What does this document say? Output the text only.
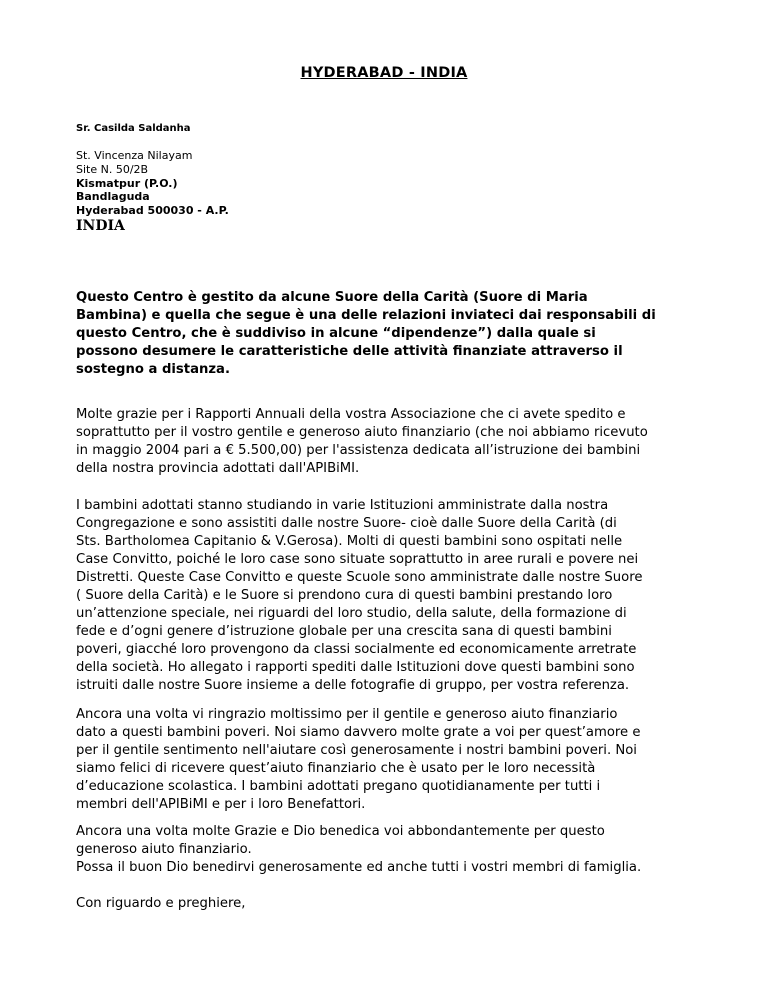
HYDERABAD - INDIA
Sr. Casilda Saldanha
St. Vincenza Nilayam
Site N. 50/2B
Kismatpur (P.O.)
Bandlaguda
Hyderabad 500030 - A.P.
INDIA
Questo Centro è gestito da alcune Suore della Carità (Suore di Maria
Bambina) e quella che segue è una delle relazioni inviateci dai responsabili di
questo Centro, che è suddiviso in alcune “dipendenze”) dalla quale si
possono desumere le caratteristiche delle attività finanziate attraverso il
sostegno a distanza.
Molte grazie per i Rapporti Annuali della vostra Associazione che ci avete spedito e
soprattutto per il vostro gentile e generoso aiuto finanziario (che noi abbiamo ricevuto
in maggio 2004 pari a € 5.500,00) per l'assistenza dedicata all’istruzione dei bambini
della nostra provincia adottati dall'APIBiMI.
I bambini adottati stanno studiando in varie Istituzioni amministrate dalla nostra
Congregazione e sono assistiti dalle nostre Suore- cioè dalle Suore della Carità (di
Sts. Bartholomea Capitanio & V.Gerosa). Molti di questi bambini sono ospitati nelle
Case Convitto, poiché le loro case sono situate soprattutto in aree rurali e povere nei
Distretti. Queste Case Convitto e queste Scuole sono amministrate dalle nostre Suore
( Suore della Carità) e le Suore si prendono cura di questi bambini prestando loro
un’attenzione speciale, nei riguardi del loro studio, della salute, della formazione di
fede e d’ogni genere d’istruzione globale per una crescita sana di questi bambini
poveri, giacché loro provengono da classi socialmente ed economicamente arretrate
della società. Ho allegato i rapporti spediti dalle Istituzioni dove questi bambini sono
istruiti dalle nostre Suore insieme a delle fotografie di gruppo, per vostra referenza.
Ancora una volta vi ringrazio moltissimo per il gentile e generoso aiuto finanziario
dato a questi bambini poveri. Noi siamo davvero molte grate a voi per quest’amore e
per il gentile sentimento nell'aiutare così generosamente i nostri bambini poveri. Noi
siamo felici di ricevere quest’aiuto finanziario che è usato per le loro necessità
d’educazione scolastica. I bambini adottati pregano quotidianamente per tutti i
membri dell'APIBiMI e per i loro Benefattori.
Ancora una volta molte Grazie e Dio benedica voi abbondantemente per questo
generoso aiuto finanziario.
Possa il buon Dio benedirvi generosamente ed anche tutti i vostri membri di famiglia.
Con riguardo e preghiere,
